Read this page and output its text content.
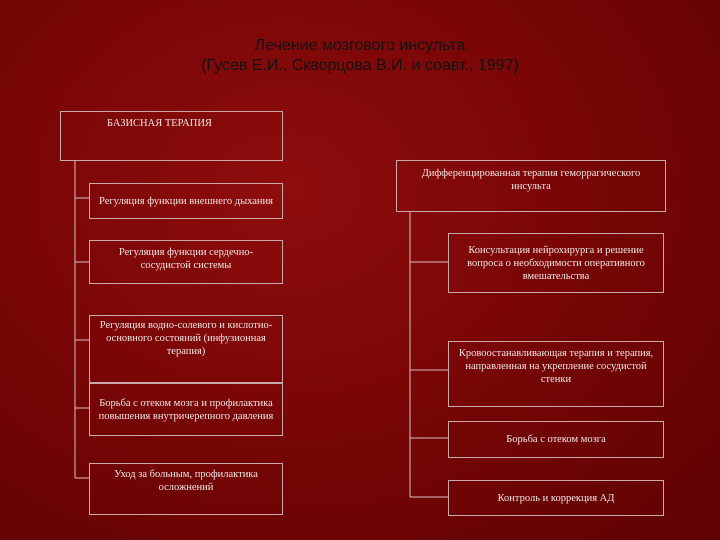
Лечение мозгового инсульта
(Гусев Е.И., Скворцова В.И. и соавт., 1997)
БАЗИСНАЯ ТЕРАПИЯ
Регуляция функции внешнего дыхания
Регуляция функции сердечно-сосудистой системы
Регуляция водно-солевого и кислотно-основного состояний (инфузионная терапия)
Борьба с отеком мозга и профилактика повышения внутричерепного давления
Уход за больным, профилактика осложнений
Дифференцированная терапия геморрагического инсульта
Консультация нейрохирурга и решение вопроса о необходимости оперативного вмешательства
Кровоостанавливающая терапия и терапия, направленная на укрепление сосудистой стенки
Борьба с отеком мозга
Контроль и коррекция АД
